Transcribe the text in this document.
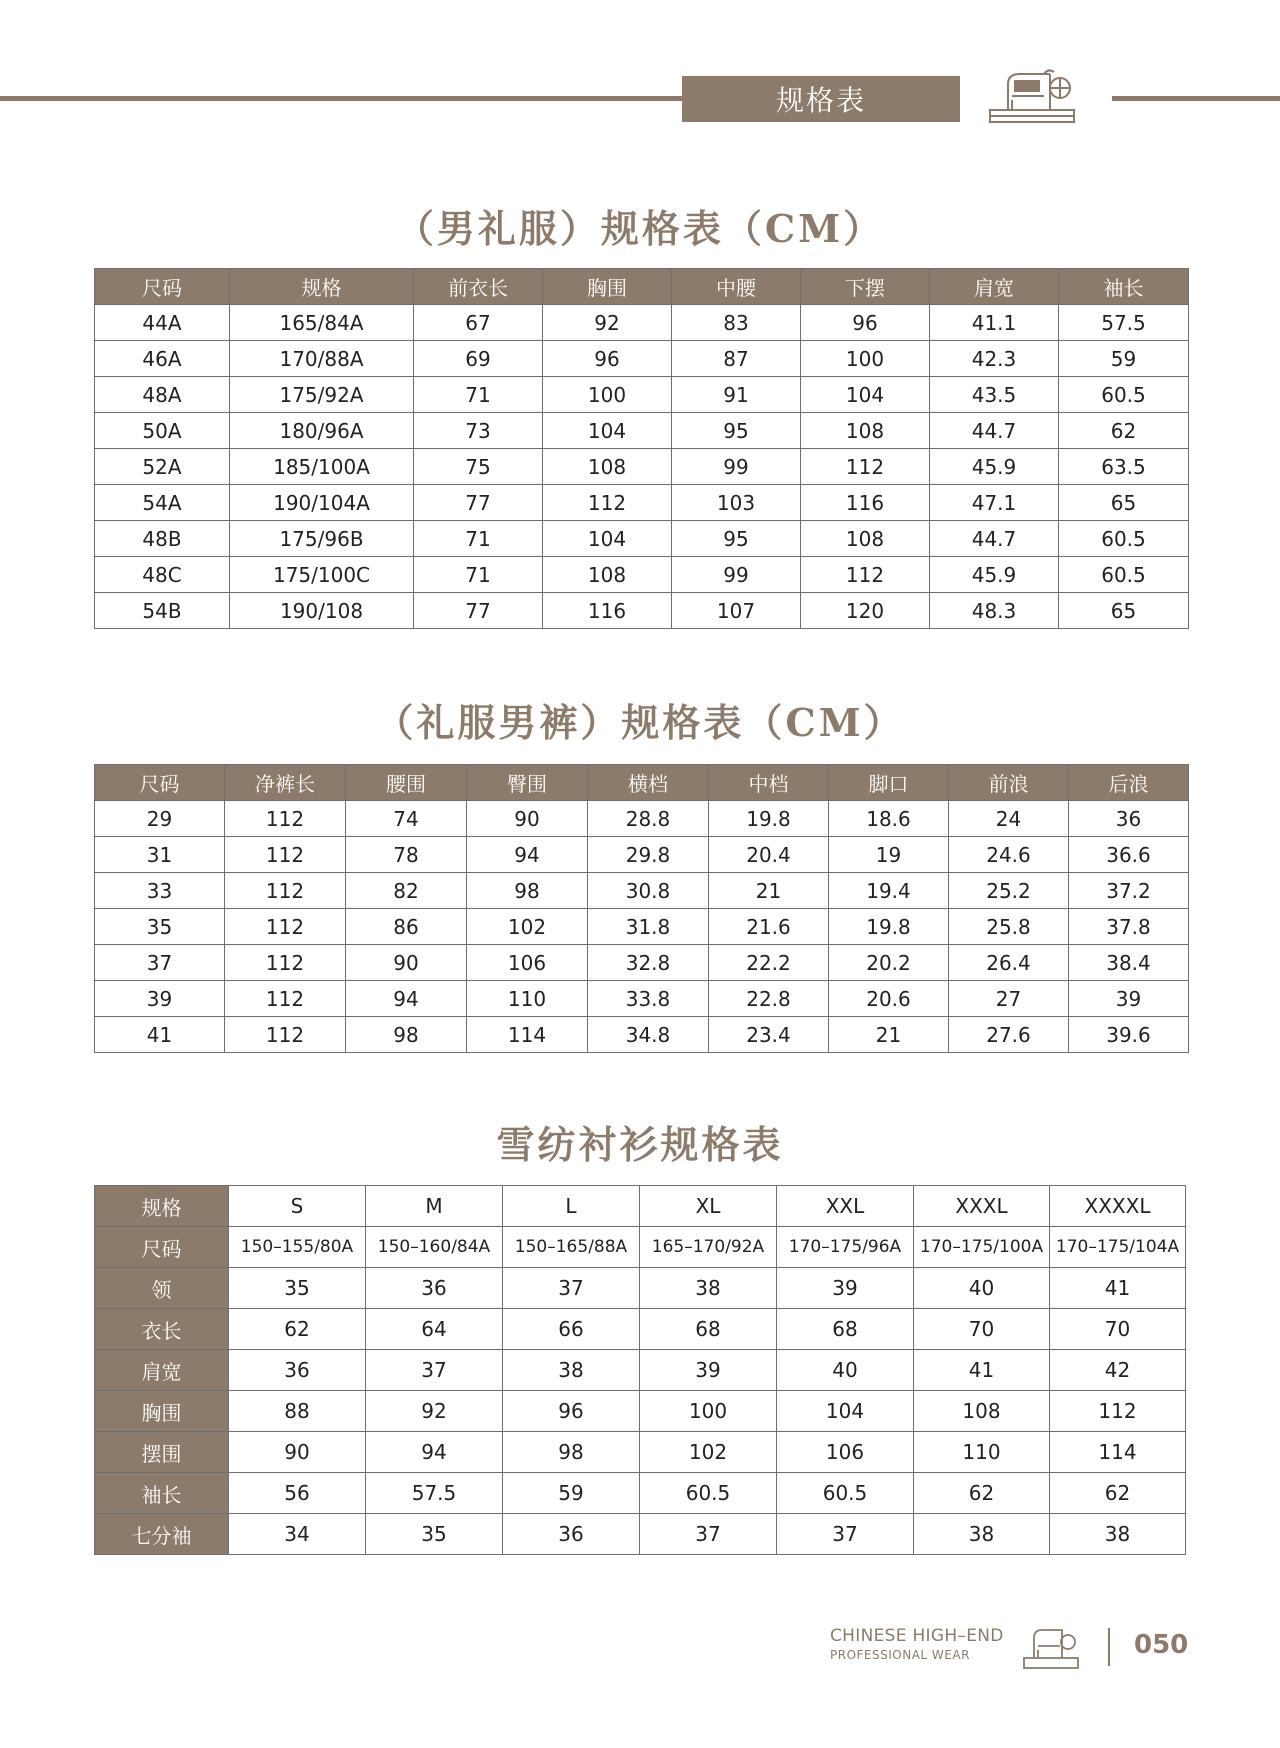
规格表
（男礼服）规格表（CM）
尺码	规格	前衣长	胸围	中腰	下摆	肩宽	袖长
44A	165/84A	67	92	83	96	41.1	57.5
46A	170/88A	69	96	87	100	42.3	59
48A	175/92A	71	100	91	104	43.5	60.5
50A	180/96A	73	104	95	108	44.7	62
52A	185/100A	75	108	99	112	45.9	63.5
54A	190/104A	77	112	103	116	47.1	65
48B	175/96B	71	104	95	108	44.7	60.5
48C	175/100C	71	108	99	112	45.9	60.5
54B	190/108	77	116	107	120	48.3	65
（礼服男裤）规格表（CM）
尺码	净裤长	腰围	臀围	横档	中档	脚口	前浪	后浪
29	112	74	90	28.8	19.8	18.6	24	36
31	112	78	94	29.8	20.4	19	24.6	36.6
33	112	82	98	30.8	21	19.4	25.2	37.2
35	112	86	102	31.8	21.6	19.8	25.8	37.8
37	112	90	106	32.8	22.2	20.2	26.4	38.4
39	112	94	110	33.8	22.8	20.6	27	39
41	112	98	114	34.8	23.4	21	27.6	39.6
雪纺衬衫规格表
规格	S	M	L	XL	XXL	XXXL	XXXXL
尺码	150–155/80A	150–160/84A	150–165/88A	165–170/92A	170–175/96A	170–175/100A	170–175/104A
领	35	36	37	38	39	40	41
衣长	62	64	66	68	68	70	70
肩宽	36	37	38	39	40	41	42
胸围	88	92	96	100	104	108	112
摆围	90	94	98	102	106	110	114
袖长	56	57.5	59	60.5	60.5	62	62
七分袖	34	35	36	37	37	38	38
CHINESE HIGH–END
PROFESSIONAL WEAR	050
